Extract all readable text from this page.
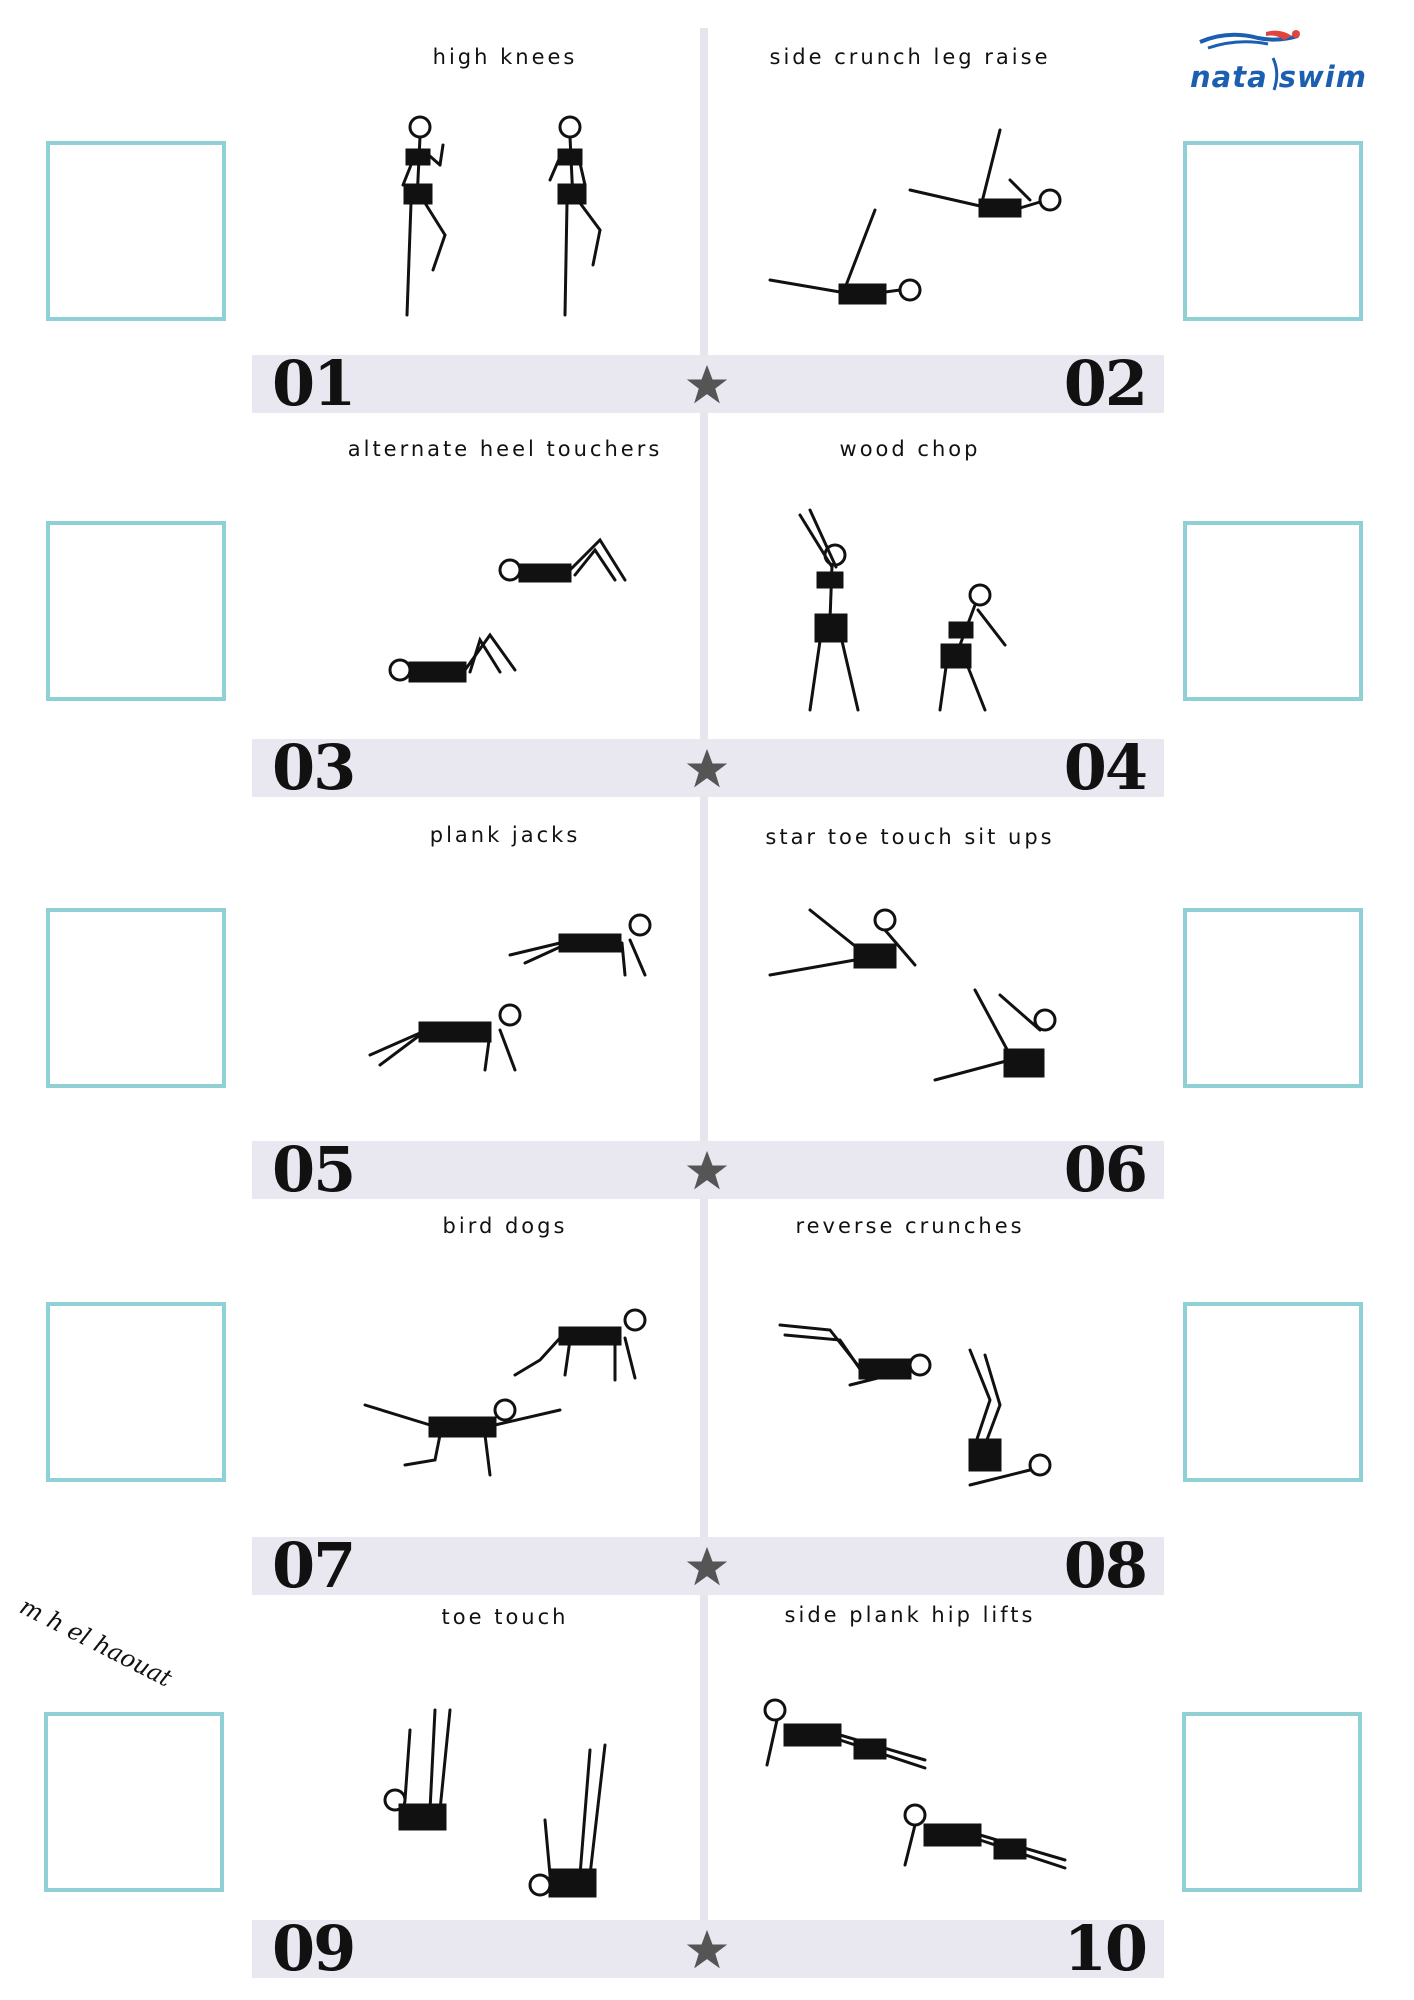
nata swim
high knees	side crunch leg raise
alternate heel touchers	wood chop
plank jacks	star toe touch sit ups
bird dogs	reverse crunches
toe touch	side plank hip lifts
01	02
03	04
05	06
07	08
09	10
m h el haouat
